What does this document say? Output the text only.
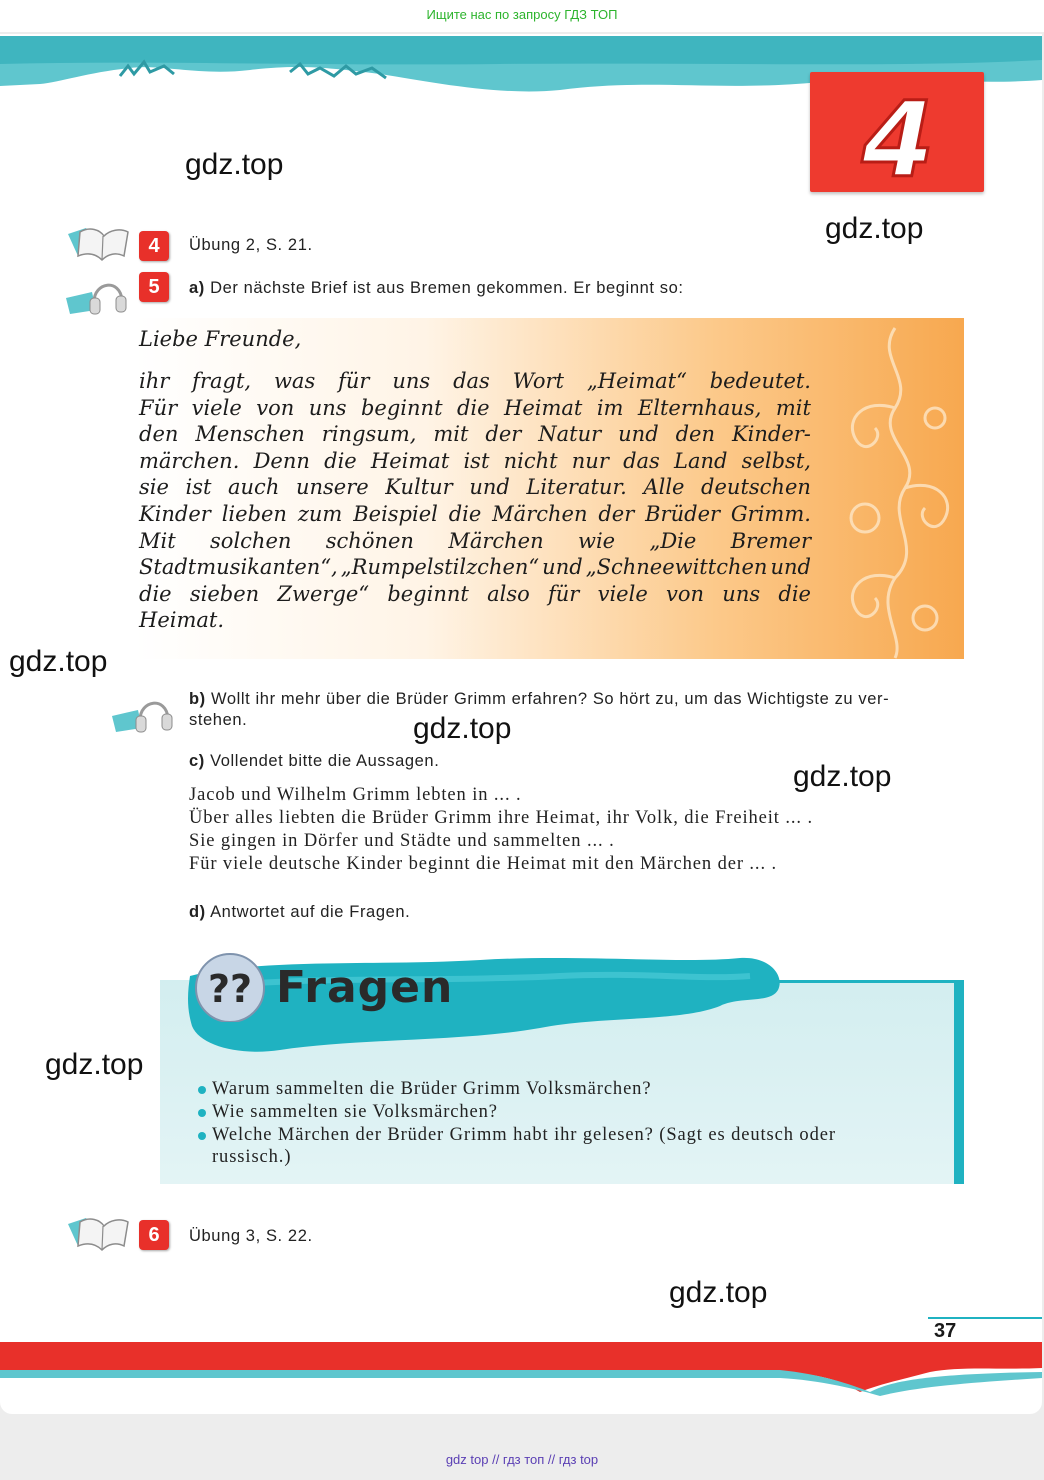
Ищите нас по запросу ГДЗ ТОП
4
gdz.top
gdz.top
gdz.top
gdz.top
gdz.top
gdz.top
gdz.top
4	Übung 2, S. 21.
5	a) Der nächste Brief ist aus Bremen gekommen. Er beginnt so:
Liebe Freunde,
ihr fragt, was für uns das Wort „Heimat“ bedeutet.
Für viele von uns beginnt die Heimat im Elternhaus, mit
den Menschen ringsum, mit der Natur und den Kinder-
märchen. Denn die Heimat ist nicht nur das Land selbst,
sie ist auch unsere Kultur und Literatur. Alle deutschen
Kinder lieben zum Beispiel die Märchen der Brüder Grimm.
Mit solchen schönen Märchen wie „Die Bremer
Stadtmusikanten“, „Rumpelstilzchen“ und „Schneewittchen und
die sieben Zwerge“ beginnt also für viele von uns die
Heimat.
b) Wollt ihr mehr über die Brüder Grimm erfahren? So hört zu, um das Wichtigste zu ver-
stehen.
c) Vollendet bitte die Aussagen.
Jacob und Wilhelm Grimm lebten in ... .
Über alles liebten die Brüder Grimm ihre Heimat, ihr Volk, die Freiheit ... .
Sie gingen in Dörfer und Städte und sammelten ... .
Für viele deutsche Kinder beginnt die Heimat mit den Märchen der ... .
d) Antwortet auf die Fragen.
?? Fragen
Warum sammelten die Brüder Grimm Volksmärchen?
Wie sammelten sie Volksmärchen?
Welche Märchen der Brüder Grimm habt ihr gelesen? (Sagt es deutsch oder
russisch.)
6	Übung 3, S. 22.
37
gdz top // гдз топ // гдз top
